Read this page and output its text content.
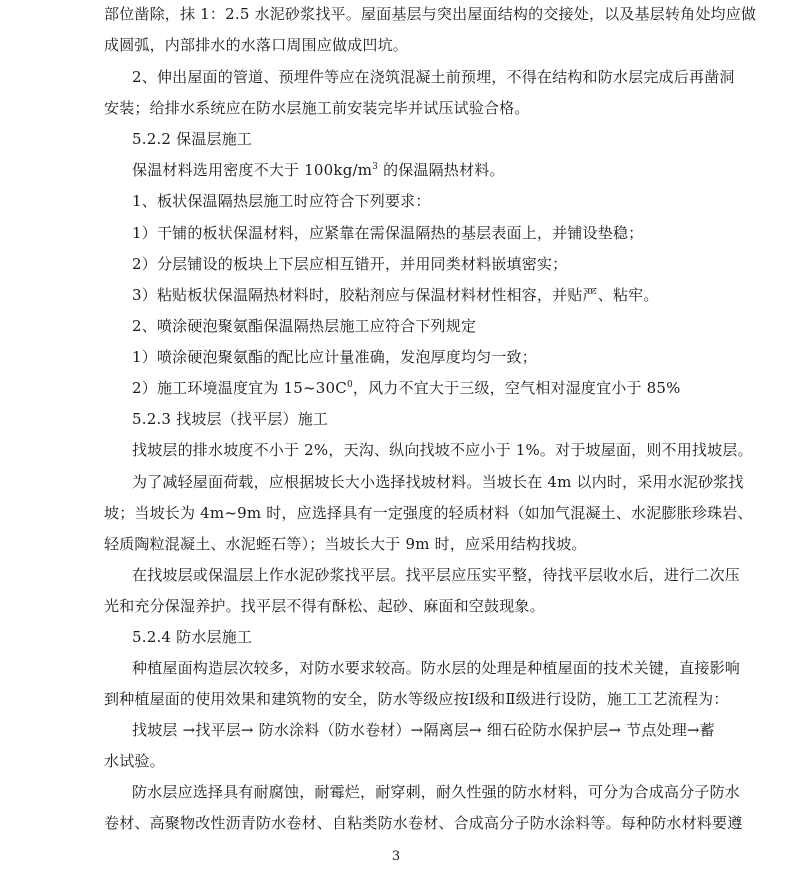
部位凿除，抹 1：2.5 水泥砂浆找平。屋面基层与突出屋面结构的交接处，以及基层转角处均应做
成圆弧，内部排水的水落口周围应做成凹坑。
2、伸出屋面的管道、预埋件等应在浇筑混凝土前预埋，不得在结构和防水层完成后再凿洞
安装；给排水系统应在防水层施工前安装完毕并试压试验合格。
5.2.2 保温层施工
保温材料选用密度不大于 $100kg/m^3$ 的保温隔热材料。
1、板状保温隔热层施工时应符合下列要求：
1）干铺的板状保温材料，应紧靠在需保温隔热的基层表面上，并铺设垫稳；
2）分层铺设的板块上下层应相互错开，并用同类材料嵌填密实；
3）粘贴板状保温隔热材料时，胶粘剂应与保温材料材性相容，并贴严、粘牢。
2、喷涂硬泡聚氨酯保温隔热层施工应符合下列规定
1）喷涂硬泡聚氨酯的配比应计量准确，发泡厚度均匀一致；
2）施工环境温度宜为 $15\sim 30C^0$，风力不宜大于三级，空气相对湿度宜小于 85%
5.2.3 找坡层（找平层）施工
找坡层的排水坡度不小于 2%，天沟、纵向找坡不应小于 1%。对于坡屋面，则不用找坡层。
为了减轻屋面荷载，应根据坡长大小选择找坡材料。当坡长在 4m 以内时，采用水泥砂浆找
坡；当坡长为 4m~9m 时，应选择具有一定强度的轻质材料（如加气混凝土、水泥膨胀珍珠岩、
轻质陶粒混凝土、水泥蛭石等）；当坡长大于 9m 时，应采用结构找坡。
在找坡层或保温层上作水泥砂浆找平层。找平层应压实平整，待找平层收水后，进行二次压
光和充分保湿养护。找平层不得有酥松、起砂、麻面和空鼓现象。
5.2.4 防水层施工
种植屋面构造层次较多，对防水要求较高。防水层的处理是种植屋面的技术关键，直接影响
到种植屋面的使用效果和建筑物的安全，防水等级应按Ⅰ级和Ⅱ级进行设防，施工工艺流程为：
找坡层 →找平层→ 防水涂料（防水卷材）→隔离层→ 细石砼防水保护层→ 节点处理→蓄
水试验。
防水层应选择具有耐腐蚀，耐霉烂，耐穿刺，耐久性强的防水材料，可分为合成高分子防水
卷材、高聚物改性沥青防水卷材、自粘类防水卷材、合成高分子防水涂料等。每种防水材料要遵
3
